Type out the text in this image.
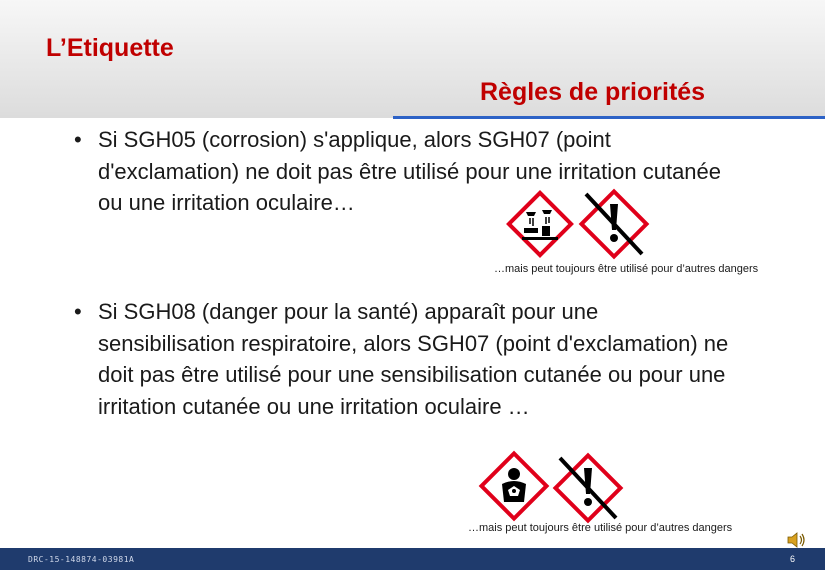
L’Etiquette
Règles de priorités
• Si SGH05 (corrosion) s'applique, alors SGH07 (point d'exclamation) ne doit pas être utilisé pour une irritation cutanée ou une irritation oculaire…
…mais peut toujours être utilisé pour d’autres dangers
• Si SGH08 (danger pour la santé) apparaît pour une sensibilisation respiratoire, alors SGH07 (point d'exclamation) ne doit pas être utilisé pour une sensibilisation cutanée ou pour une irritation cutanée ou une irritation oculaire …
…mais peut toujours être utilisé pour d’autres dangers
DRC-15-148874-03981A	6
